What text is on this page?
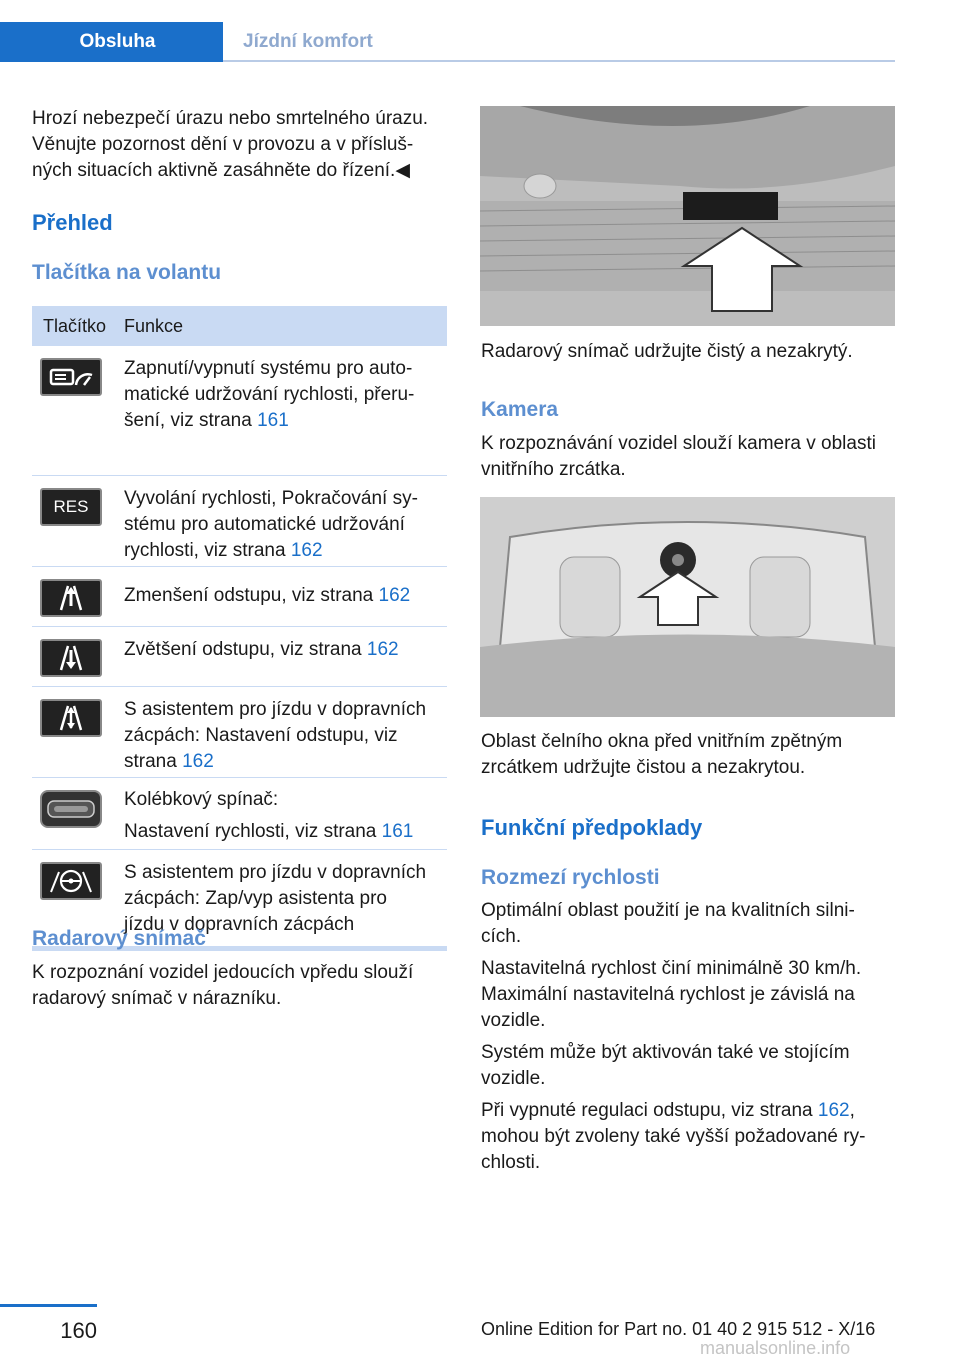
Obsluha	Jízdní komfort

Hrozí nebezpečí úrazu nebo smrtelného úrazu.

Věnujte pozornost dění v provozu a v přísluš‐

ných situacích aktivně zasáhněte do řízení.◀

Přehled
Tlačítka na volantu
Tlačítko Funkce

Zapnutí/vypnutí systému pro auto‐

matické udržování rychlosti, přeru‐

šení, viz strana 161

RES Vyvolání rychlosti, Pokračování sy‐

stému pro automatické udržování

rychlosti, viz strana 162

Zmenšení odstupu, viz strana 162

Zvětšení odstupu, viz strana 162

S asistentem pro jízdu v dopravních

zácpách: Nastavení odstupu, viz

strana 162

Kolébkový spínač:

Nastavení rychlosti, viz strana 161

S asistentem pro jízdu v dopravních

zácpách: Zap/vyp asistenta pro

jízdu v dopravních zácpách

Radarový snímač

K rozpoznání vozidel jedoucích vpředu slouží

radarový snímač v nárazníku.

Radarový snímač udržujte čistý a nezakrytý.
Kamera

K rozpoznávání vozidel slouží kamera v oblasti

vnitřního zrcátka.

Oblast čelního okna před vnitřním zpětným

zrcátkem udržujte čistou a nezakrytou.

Funkční předpoklady
Rozmezí rychlosti

Optimální oblast použití je na kvalitních silni‐

cích.

Nastavitelná rychlost činí minimálně 30 km/h.

Maximální nastavitelná rychlost je závislá na

vozidle.

Systém může být aktivován také ve stojícím

vozidle.

Při vypnuté regulaci odstupu, viz strana 162,

mohou být zvoleny také vyšší požadované ry‐

chlosti.

160	Online Edition for Part no. 01 40 2 915 512 - X/16
manualsonline.info
